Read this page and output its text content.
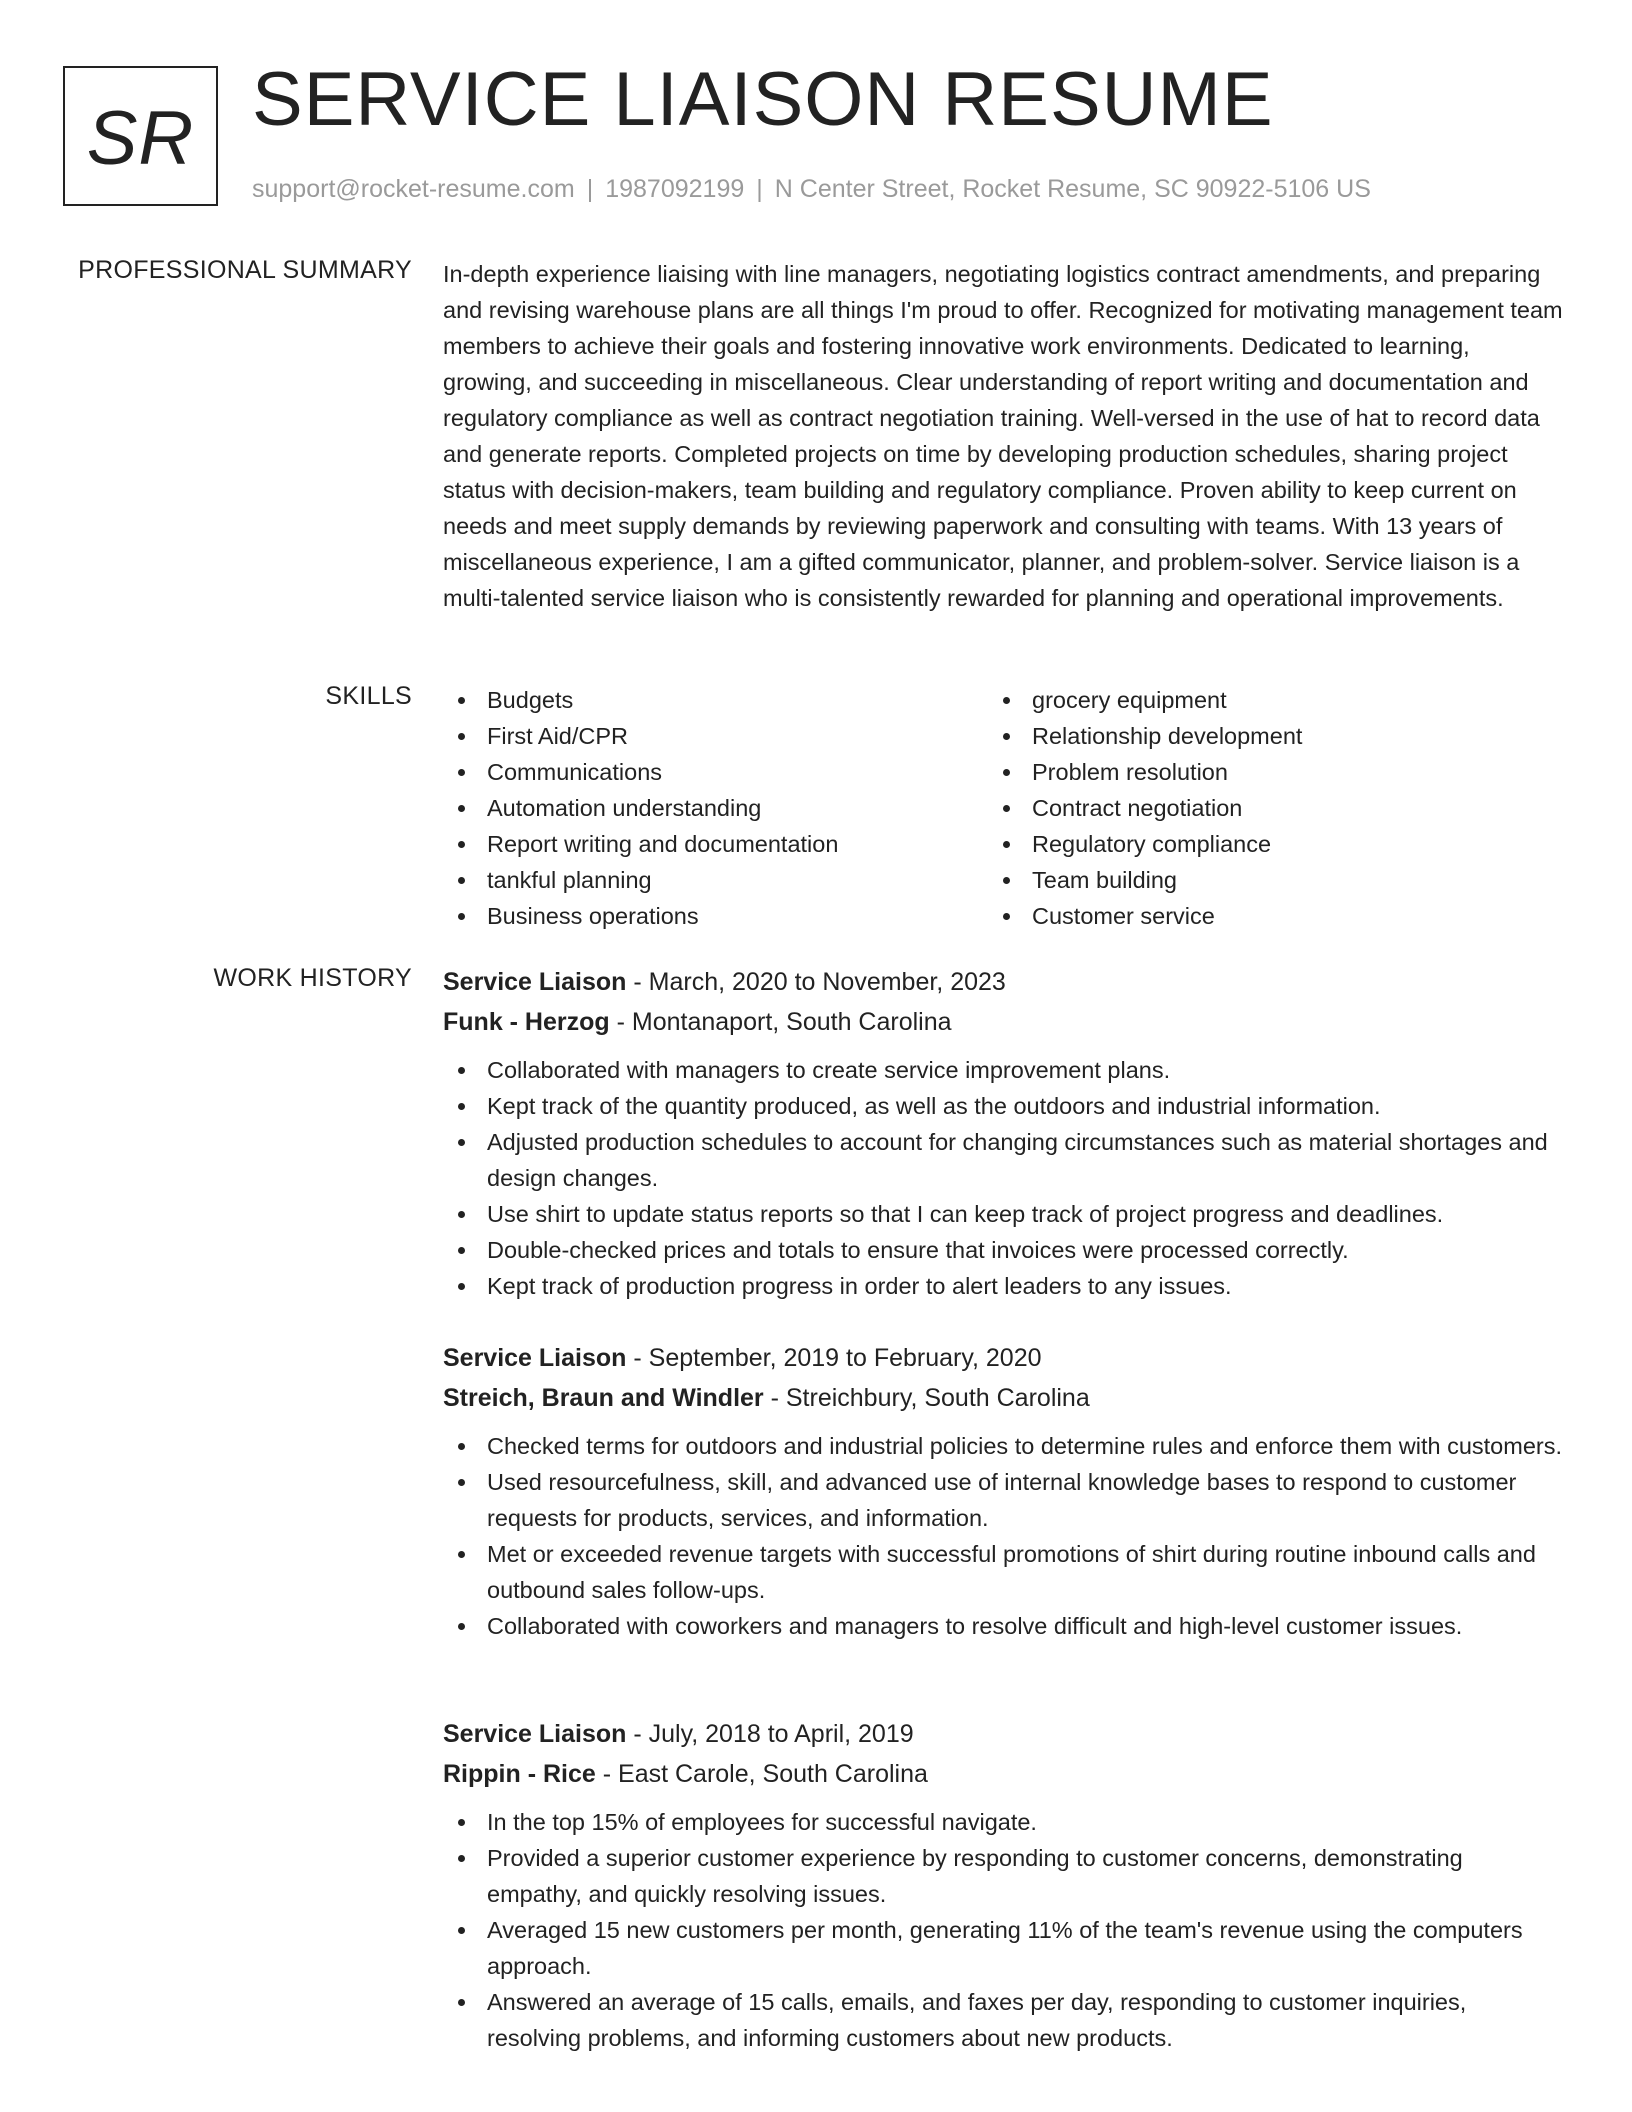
SR SERVICE LIAISON RESUME
support@rocket-resume.com | 1987092199 | N Center Street, Rocket Resume, SC 90922-5106 US
PROFESSIONAL SUMMARY In-depth experience liaising with line managers, negotiating logistics contract amendments, and preparing and revising warehouse plans are all things I'm proud to offer. Recognized for motivating management team members to achieve their goals and fostering innovative work environments. Dedicated to learning, growing, and succeeding in miscellaneous. Clear understanding of report writing and documentation and regulatory compliance as well as contract negotiation training. Well-versed in the use of hat to record data and generate reports. Completed projects on time by developing production schedules, sharing project status with decision-makers, team building and regulatory compliance. Proven ability to keep current on needs and meet supply demands by reviewing paperwork and consulting with teams. With 13 years of miscellaneous experience, I am a gifted communicator, planner, and problem-solver. Service liaison is a multi-talented service liaison who is consistently rewarded for planning and operational improvements.

SKILLS	Budgets
First Aid/CPR
Communications
Automation understanding
Report writing and documentation
tankful planning
Business operations
grocery equipment
Relationship development
Problem resolution
Contract negotiation
Regulatory compliance
Team building
Customer service
WORK HISTORY Service Liaison - March, 2020 to November, 2023
Funk - Herzog - Montanaport, South Carolina
Collaborated with managers to create service improvement plans.
Kept track of the quantity produced, as well as the outdoors and industrial information.
Adjusted production schedules to account for changing circumstances such as material shortages and design changes.
Use shirt to update status reports so that I can keep track of project progress and deadlines.
Double-checked prices and totals to ensure that invoices were processed correctly.
Kept track of production progress in order to alert leaders to any issues.
Service Liaison - September, 2019 to February, 2020
Streich, Braun and Windler - Streichbury, South Carolina
Checked terms for outdoors and industrial policies to determine rules and enforce them with customers.
Used resourcefulness, skill, and advanced use of internal knowledge bases to respond to customer requests for products, services, and information.
Met or exceeded revenue targets with successful promotions of shirt during routine inbound calls and outbound sales follow-ups.
Collaborated with coworkers and managers to resolve difficult and high-level customer issues.
Service Liaison - July, 2018 to April, 2019
Rippin - Rice - East Carole, South Carolina
In the top 15% of employees for successful navigate.
Provided a superior customer experience by responding to customer concerns, demonstrating empathy, and quickly resolving issues.
Averaged 15 new customers per month, generating 11% of the team's revenue using the computers approach.
Answered an average of 15 calls, emails, and faxes per day, responding to customer inquiries, resolving problems, and informing customers about new products.
